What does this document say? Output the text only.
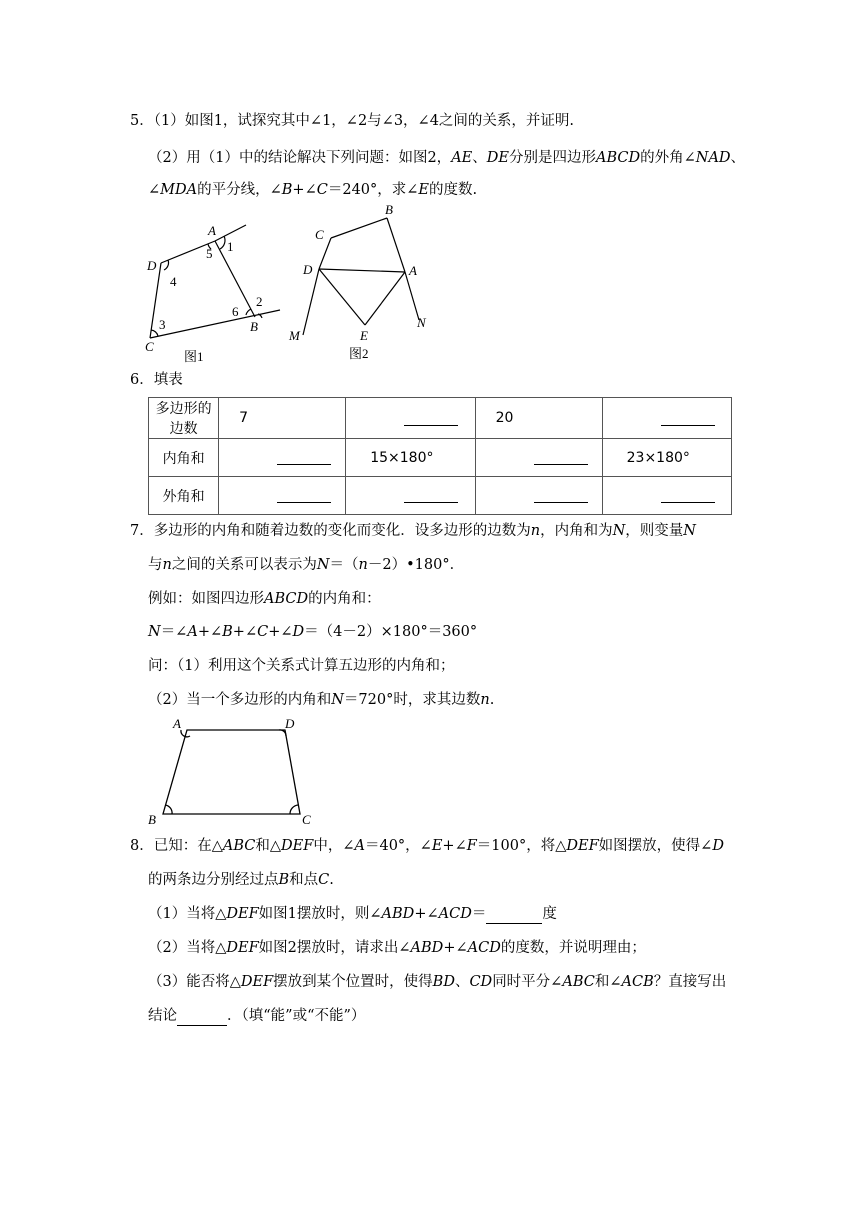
5．（1）如图1，试探究其中∠1，∠2与∠3，∠4之间的关系，并证明.
（2）用（1）中的结论解决下列问题：如图2，AE、DE分别是四边形ABCD的外角∠NAD、
∠MDA的平分线，∠B+∠C＝240°，求∠E的度数.
A
1
5
D
4
2
6
B
3
C
图1
C
B
D	A
M
N
E
图2
6．填表
多边形的边数	7		20	
内角和		15×180°		23×180°
外角和				
7．多边形的内角和随着边数的变化而变化．设多边形的边数为n，内角和为N，则变量N
与n之间的关系可以表示为N＝（n－2）•180°．
例如：如图四边形ABCD的内角和：
N＝∠A+∠B+∠C+∠D＝（4－2）×180°＝360°
问：（1）利用这个关系式计算五边形的内角和；
（2）当一个多边形的内角和N＝720°时，求其边数n.
A	D
B	C
8．已知：在△ABC和△DEF中，∠A＝40°，∠E+∠F＝100°，将△DEF如图摆放，使得∠D
的两条边分别经过点B和点C.
（1）当将△DEF如图1摆放时，则∠ABD+∠ACD＝	度
（2）当将△DEF如图2摆放时，请求出∠ABD+∠ACD的度数，并说明理由；
（3）能否将△DEF摆放到某个位置时，使得BD、CD同时平分∠ABC和∠ACB？直接写出
结论	．（填“能”或“不能”）
